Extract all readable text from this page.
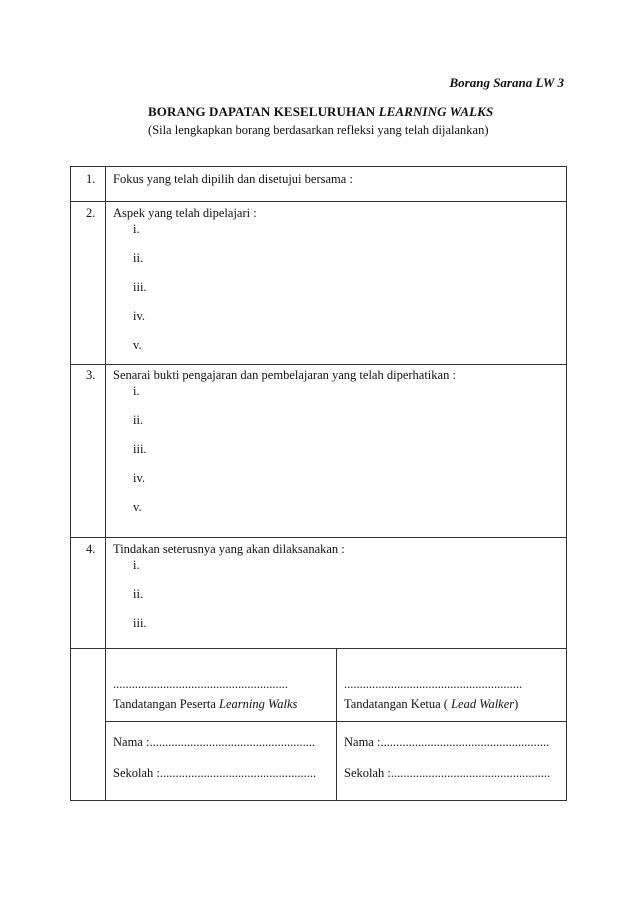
Borang Sarana LW 3
BORANG DAPATAN KESELURUHAN LEARNING WALKS
(Sila lengkapkan borang berdasarkan refleksi yang telah dijalankan)
1. Fokus yang telah dipilih dan disetujui bersama :
2. Aspek yang telah dipelajari :
i.
ii.
iii.
iv.
v.
3. Senarai bukti pengajaran dan pembelajaran yang telah diperhatikan :
i.
ii.
iii.
iv.
v.
4. Tindakan seterusnya yang akan dilaksanakan :
i.
ii.
iii.
........................................................
Tandatangan Peserta Learning Walks
Nama :.....................................................
Sekolah :..................................................
.........................................................
Tandatangan Ketua ( Lead Walker)
Nama :......................................................
Sekolah :...................................................
